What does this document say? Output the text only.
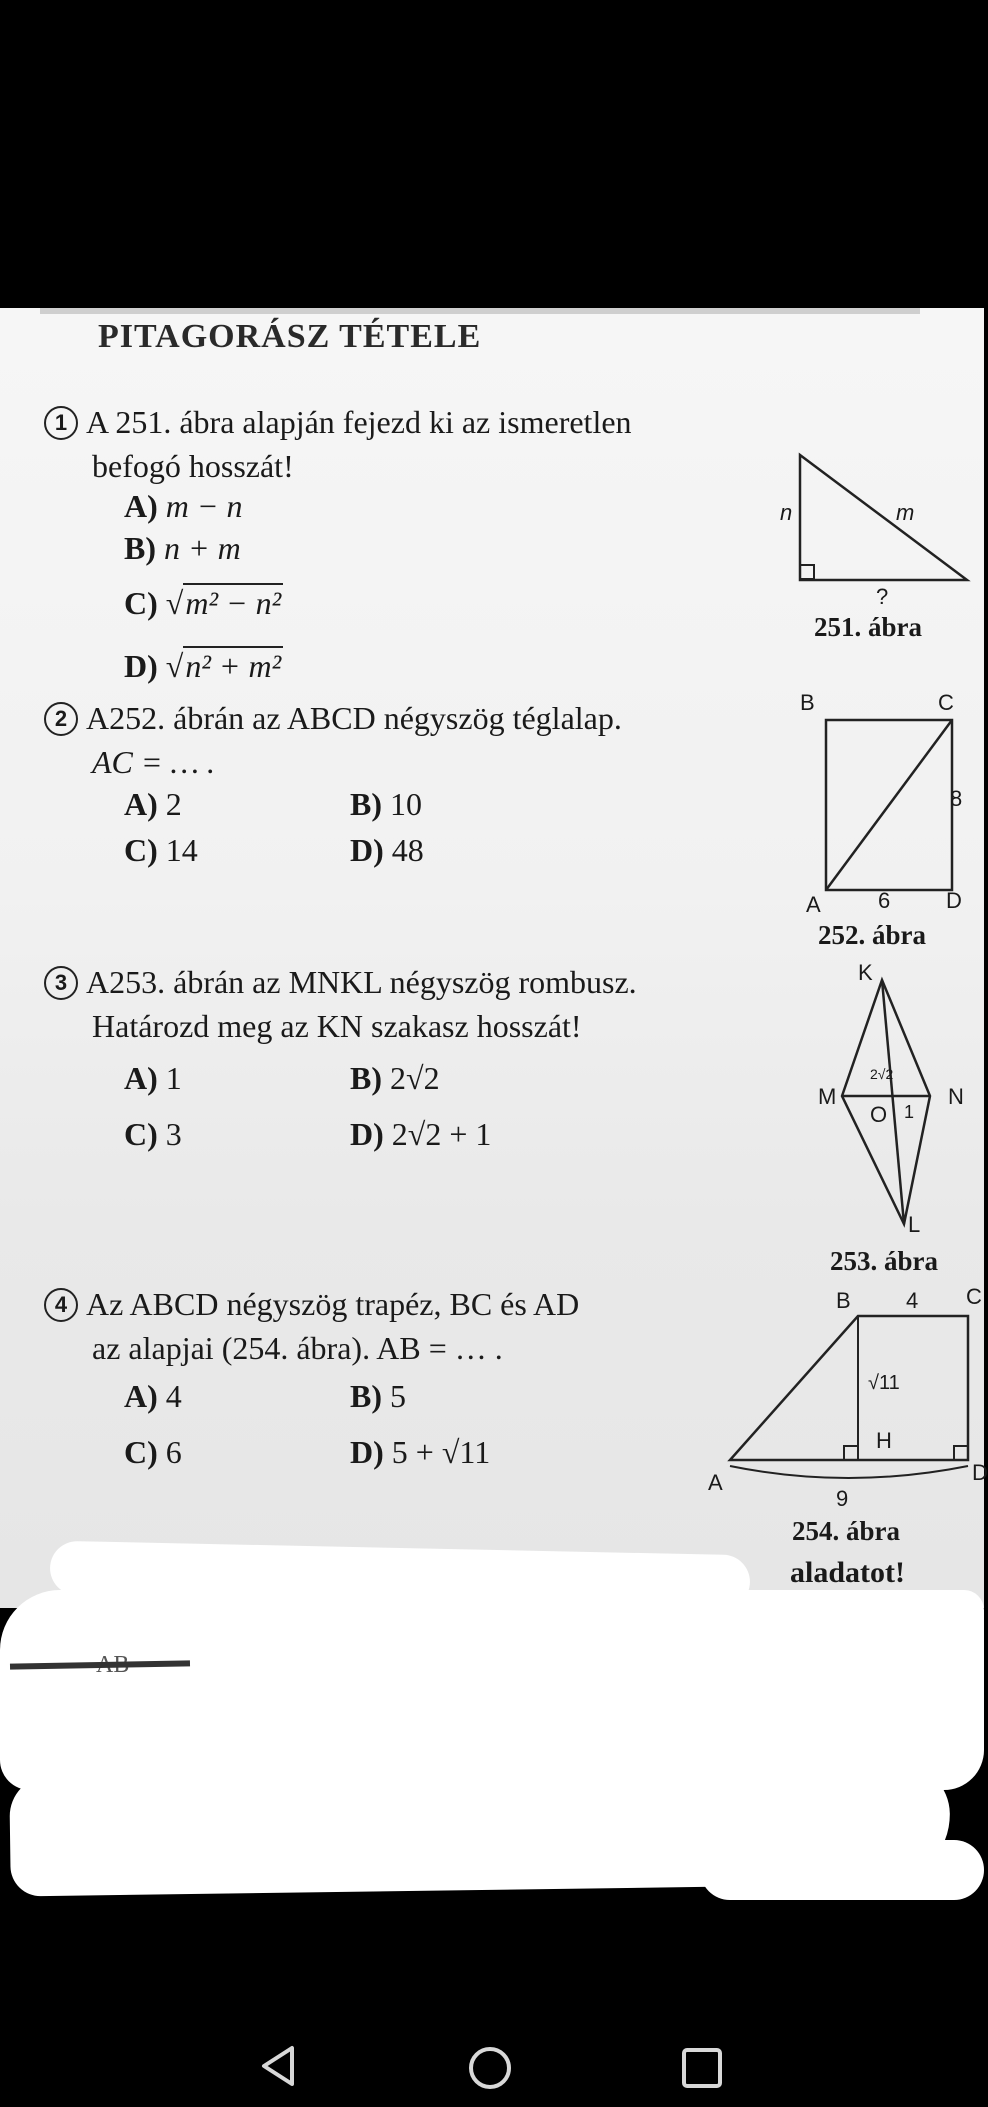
PITAGORÁSZ TÉTELE
1 A 251. ábra alapján fejezd ki az ismeretlen
befogó hosszát!
A) m − n
B) n + m
C) √m² − n²
D) √n² + m²
n	m
?
251. ábra
2 A252. ábrán az ABCD négyszög téglalap.
AC = … .
A) 2	B) 10
C) 14	D) 48
B	C
8
A	6	D
252. ábra
3 A253. ábrán az MNKL négyszög rombusz.
Határozd meg az KN szakasz hosszát!
A) 1	B) 2√2
C) 3	D) 2√2 + 1
K
M
2√2
O 1
N
L
253. ábra
4 Az ABCD négyszög trapéz, BC és AD
az alapjai (254. ábra). AB = … .
A) 4	B) 5
C) 6	D) 5 + √11
B	4 C
√11
H
A	D
9
254. ábra
aladatot!
